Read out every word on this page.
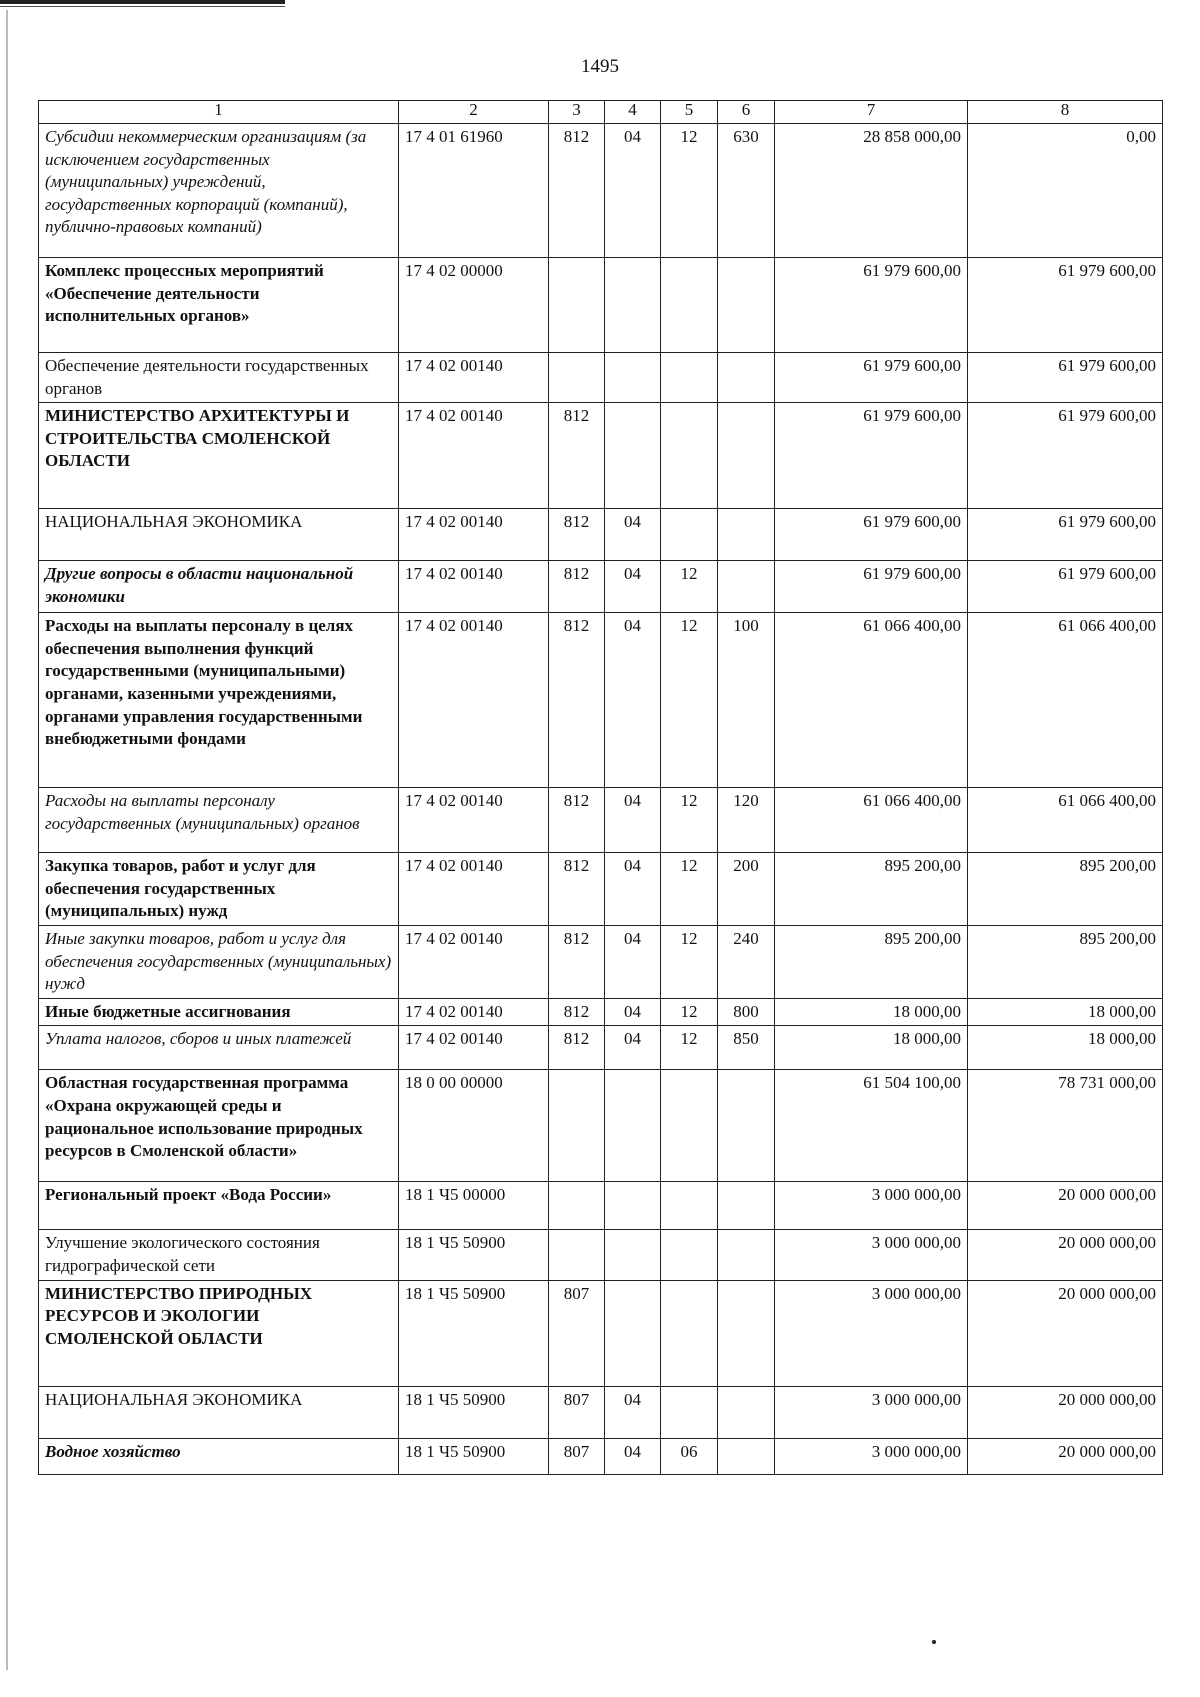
1495
1	2	3	4	5	6	7	8
Субсидии некоммерческим организациям (за исключением государственных (муниципальных) учреждений, государственных корпораций (компаний), публично-правовых компаний)	17 4 01 61960	812	04	12	630	28 858 000,00	0,00
Комплекс процессных мероприятий «Обеспечение деятельности исполнительных органов»	17 4 02 00000					61 979 600,00	61 979 600,00
Обеспечение деятельности государственных органов	17 4 02 00140					61 979 600,00	61 979 600,00
МИНИСТЕРСТВО АРХИТЕКТУРЫ И СТРОИТЕЛЬСТВА СМОЛЕНСКОЙ ОБЛАСТИ	17 4 02 00140	812				61 979 600,00	61 979 600,00
НАЦИОНАЛЬНАЯ ЭКОНОМИКА	17 4 02 00140	812	04			61 979 600,00	61 979 600,00
Другие вопросы в области национальной экономики	17 4 02 00140	812	04	12		61 979 600,00	61 979 600,00
Расходы на выплаты персоналу в целях обеспечения выполнения функций государственными (муниципальными) органами, казенными учреждениями, органами управления государственными внебюджетными фондами	17 4 02 00140	812	04	12	100	61 066 400,00	61 066 400,00
Расходы на выплаты персоналу государственных (муниципальных) органов	17 4 02 00140	812	04	12	120	61 066 400,00	61 066 400,00
Закупка товаров, работ и услуг для обеспечения государственных (муниципальных) нужд	17 4 02 00140	812	04	12	200	895 200,00	895 200,00
Иные закупки товаров, работ и услуг для обеспечения государственных (муниципальных) нужд	17 4 02 00140	812	04	12	240	895 200,00	895 200,00
Иные бюджетные ассигнования	17 4 02 00140	812	04	12	800	18 000,00	18 000,00
Уплата налогов, сборов и иных платежей	17 4 02 00140	812	04	12	850	18 000,00	18 000,00
Областная государственная программа «Охрана окружающей среды и рациональное использование природных ресурсов в Смоленской области»	18 0 00 00000					61 504 100,00	78 731 000,00
Региональный проект «Вода России»	18 1 Ч5 00000					3 000 000,00	20 000 000,00
Улучшение экологического состояния гидрографической сети	18 1 Ч5 50900					3 000 000,00	20 000 000,00
МИНИСТЕРСТВО ПРИРОДНЫХ РЕСУРСОВ И ЭКОЛОГИИ СМОЛЕНСКОЙ ОБЛАСТИ	18 1 Ч5 50900	807				3 000 000,00	20 000 000,00
НАЦИОНАЛЬНАЯ ЭКОНОМИКА	18 1 Ч5 50900	807	04			3 000 000,00	20 000 000,00
Водное хозяйство	18 1 Ч5 50900	807	04	06		3 000 000,00	20 000 000,00
